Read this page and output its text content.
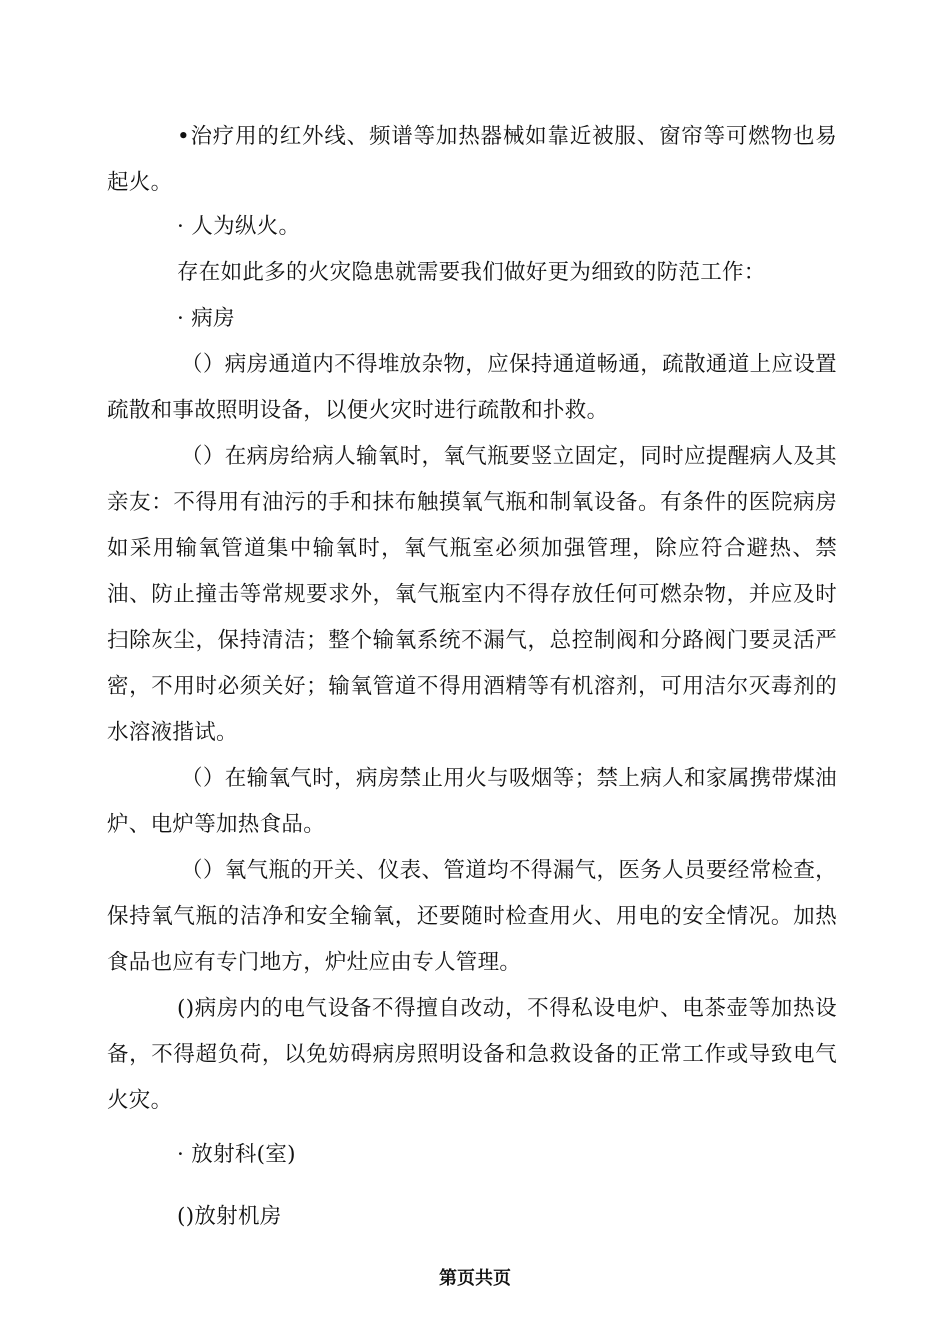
•治疗用的红外线、频谱等加热器械如靠近被服、窗帘等可燃物也易起火。

· 人为纵火。

存在如此多的火灾隐患就需要我们做好更为细致的防范工作：

· 病房

（）病房通道内不得堆放杂物，应保持通道畅通，疏散通道上应设置疏散和事故照明设备，以便火灾时进行疏散和扑救。

（）在病房给病人输氧时，氧气瓶要竖立固定，同时应提醒病人及其亲友：不得用有油污的手和抹布触摸氧气瓶和制氧设备。有条件的医院病房如采用输氧管道集中输氧时，氧气瓶室必须加强管理，除应符合避热、禁油、防止撞击等常规要求外，氧气瓶室内不得存放任何可燃杂物，并应及时扫除灰尘，保持清洁；整个输氧系统不漏气，总控制阀和分路阀门要灵活严密，不用时必须关好；输氧管道不得用酒精等有机溶剂，可用洁尔灭毒剂的水溶液揩试。

（）在输氧气时，病房禁止用火与吸烟等；禁上病人和家属携带煤油炉、电炉等加热食品。

（）氧气瓶的开关、仪表、管道均不得漏气，医务人员要经常检查，保持氧气瓶的洁净和安全输氧，还要随时检查用火、用电的安全情况。加热食品也应有专门地方，炉灶应由专人管理。

()病房内的电气设备不得擅自改动，不得私设电炉、电茶壶等加热设备，不得超负荷，以免妨碍病房照明设备和急救设备的正常工作或导致电气火灾。

· 放射科(室)

()放射机房

第页共页
